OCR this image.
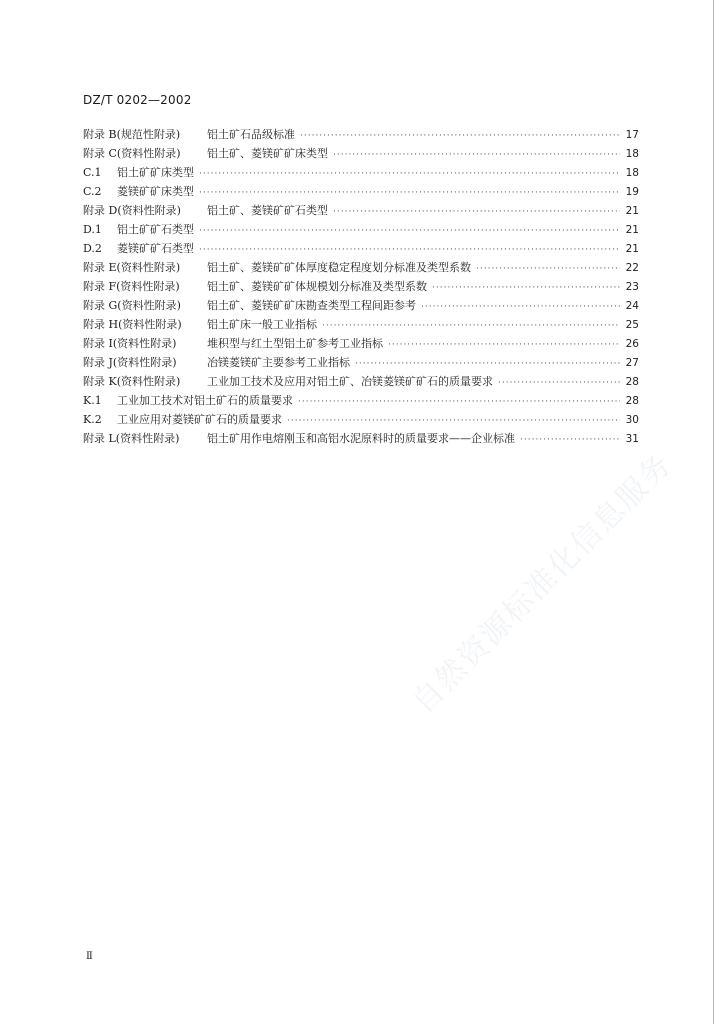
DZ/T 0202—2002
附录 B(规范性附录)	铝土矿石品级标准 ·····	17
附录 C(资料性附录)	铝土矿、菱镁矿矿床类型 ·····	18
C.1	铝土矿矿床类型 ·····	18
C.2	菱镁矿矿床类型 ·····	19
附录 D(资料性附录)	铝土矿、菱镁矿矿石类型 ·····	21
D.1	铝土矿矿石类型 ·····	21
D.2	菱镁矿矿石类型 ·····	21
附录 E(资料性附录)	铝土矿、菱镁矿矿体厚度稳定程度划分标准及类型系数 ·····	22
附录 F(资料性附录)	铝土矿、菱镁矿矿体规模划分标准及类型系数 ·····	23
附录 G(资料性附录)	铝土矿、菱镁矿矿床勘查类型工程间距参考 ·····	24
附录 H(资料性附录)	铝土矿床一般工业指标 ·····	25
附录 I(资料性附录)	堆积型与红土型铝土矿参考工业指标 ·····	26
附录 J(资料性附录)	冶镁菱镁矿主要参考工业指标 ·····	27
附录 K(资料性附录)	工业加工技术及应用对铝土矿、冶镁菱镁矿矿石的质量要求 ·····	28
K.1	工业加工技术对铝土矿石的质量要求 ·····	28
K.2	工业应用对菱镁矿矿石的质量要求 ·····	30
附录 L(资料性附录)	铝土矿用作电熔刚玉和高铝水泥原料时的质量要求——企业标准 ·····	31
Ⅱ
自然资源标准化信息服务
